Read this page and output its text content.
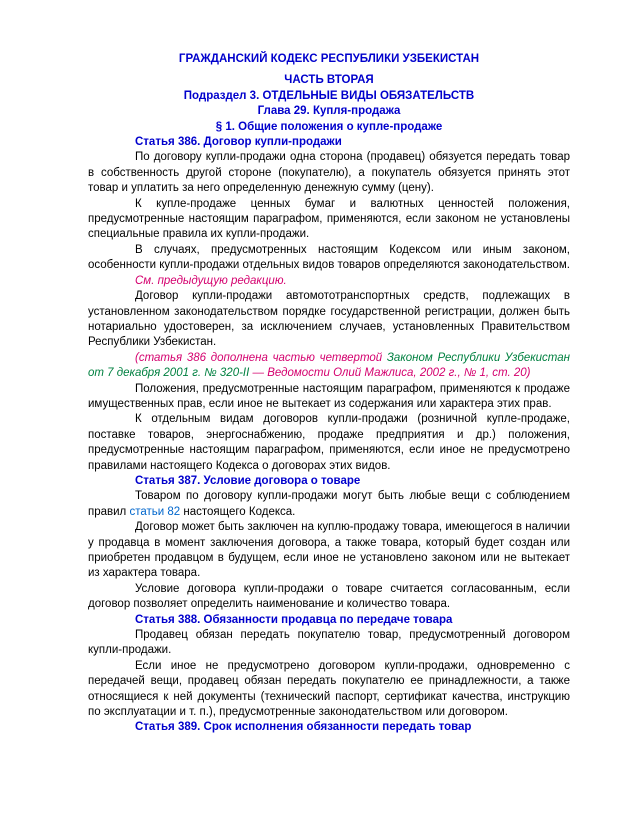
ГРАЖДАНСКИЙ КОДЕКС РЕСПУБЛИКИ УЗБЕКИСТАН
ЧАСТЬ ВТОРАЯ
Подраздел 3. ОТДЕЛЬНЫЕ ВИДЫ ОБЯЗАТЕЛЬСТВ
Глава 29. Купля-продажа
§ 1. Общие положения о купле-продаже

Статья 386. Договор купли-продажи

По договору купли-продажи одна сторона (продавец) обязуется передать товар в собственность другой стороне (покупателю), а покупатель обязуется принять этот товар и уплатить за него определенную денежную сумму (цену).

К купле-продаже ценных бумаг и валютных ценностей положения, предусмотренные настоящим параграфом, применяются, если законом не установлены специальные правила их купли-продажи.

В случаях, предусмотренных настоящим Кодексом или иным законом, особенности купли-продажи отдельных видов товаров определяются законодательством.

См. предыдущую редакцию.

Договор купли-продажи автомототранспортных средств, подлежащих в установленном законодательством порядке государственной регистрации, должен быть нотариально удостоверен, за исключением случаев, установленных Правительством Республики Узбекистан.

(статья 386 дополнена частью четвертой Законом Республики Узбекистан от 7 декабря 2001 г. № 320-II — Ведомости Олий Мажлиса, 2002 г., № 1, ст. 20)

Положения, предусмотренные настоящим параграфом, применяются к продаже имущественных прав, если иное не вытекает из содержания или характера этих прав.

К отдельным видам договоров купли-продажи (розничной купле-продаже, поставке товаров, энергоснабжению, продаже предприятия и др.) положения, предусмотренные настоящим параграфом, применяются, если иное не предусмотрено правилами настоящего Кодекса о договорах этих видов.

Статья 387. Условие договора о товаре

Товаром по договору купли-продажи могут быть любые вещи с соблюдением правил статьи 82 настоящего Кодекса.

Договор может быть заключен на куплю-продажу товара, имеющегося в наличии у продавца в момент заключения договора, а также товара, который будет создан или приобретен продавцом в будущем, если иное не установлено законом или не вытекает из характера товара.

Условие договора купли-продажи о товаре считается согласованным, если договор позволяет определить наименование и количество товара.

Статья 388. Обязанности продавца по передаче товара

Продавец обязан передать покупателю товар, предусмотренный договором купли-продажи.

Если иное не предусмотрено договором купли-продажи, одновременно с передачей вещи, продавец обязан передать покупателю ее принадлежности, а также относящиеся к ней документы (технический паспорт, сертификат качества, инструкцию по эксплуатации и т. п.), предусмотренные законодательством или договором.

Статья 389. Срок исполнения обязанности передать товар
